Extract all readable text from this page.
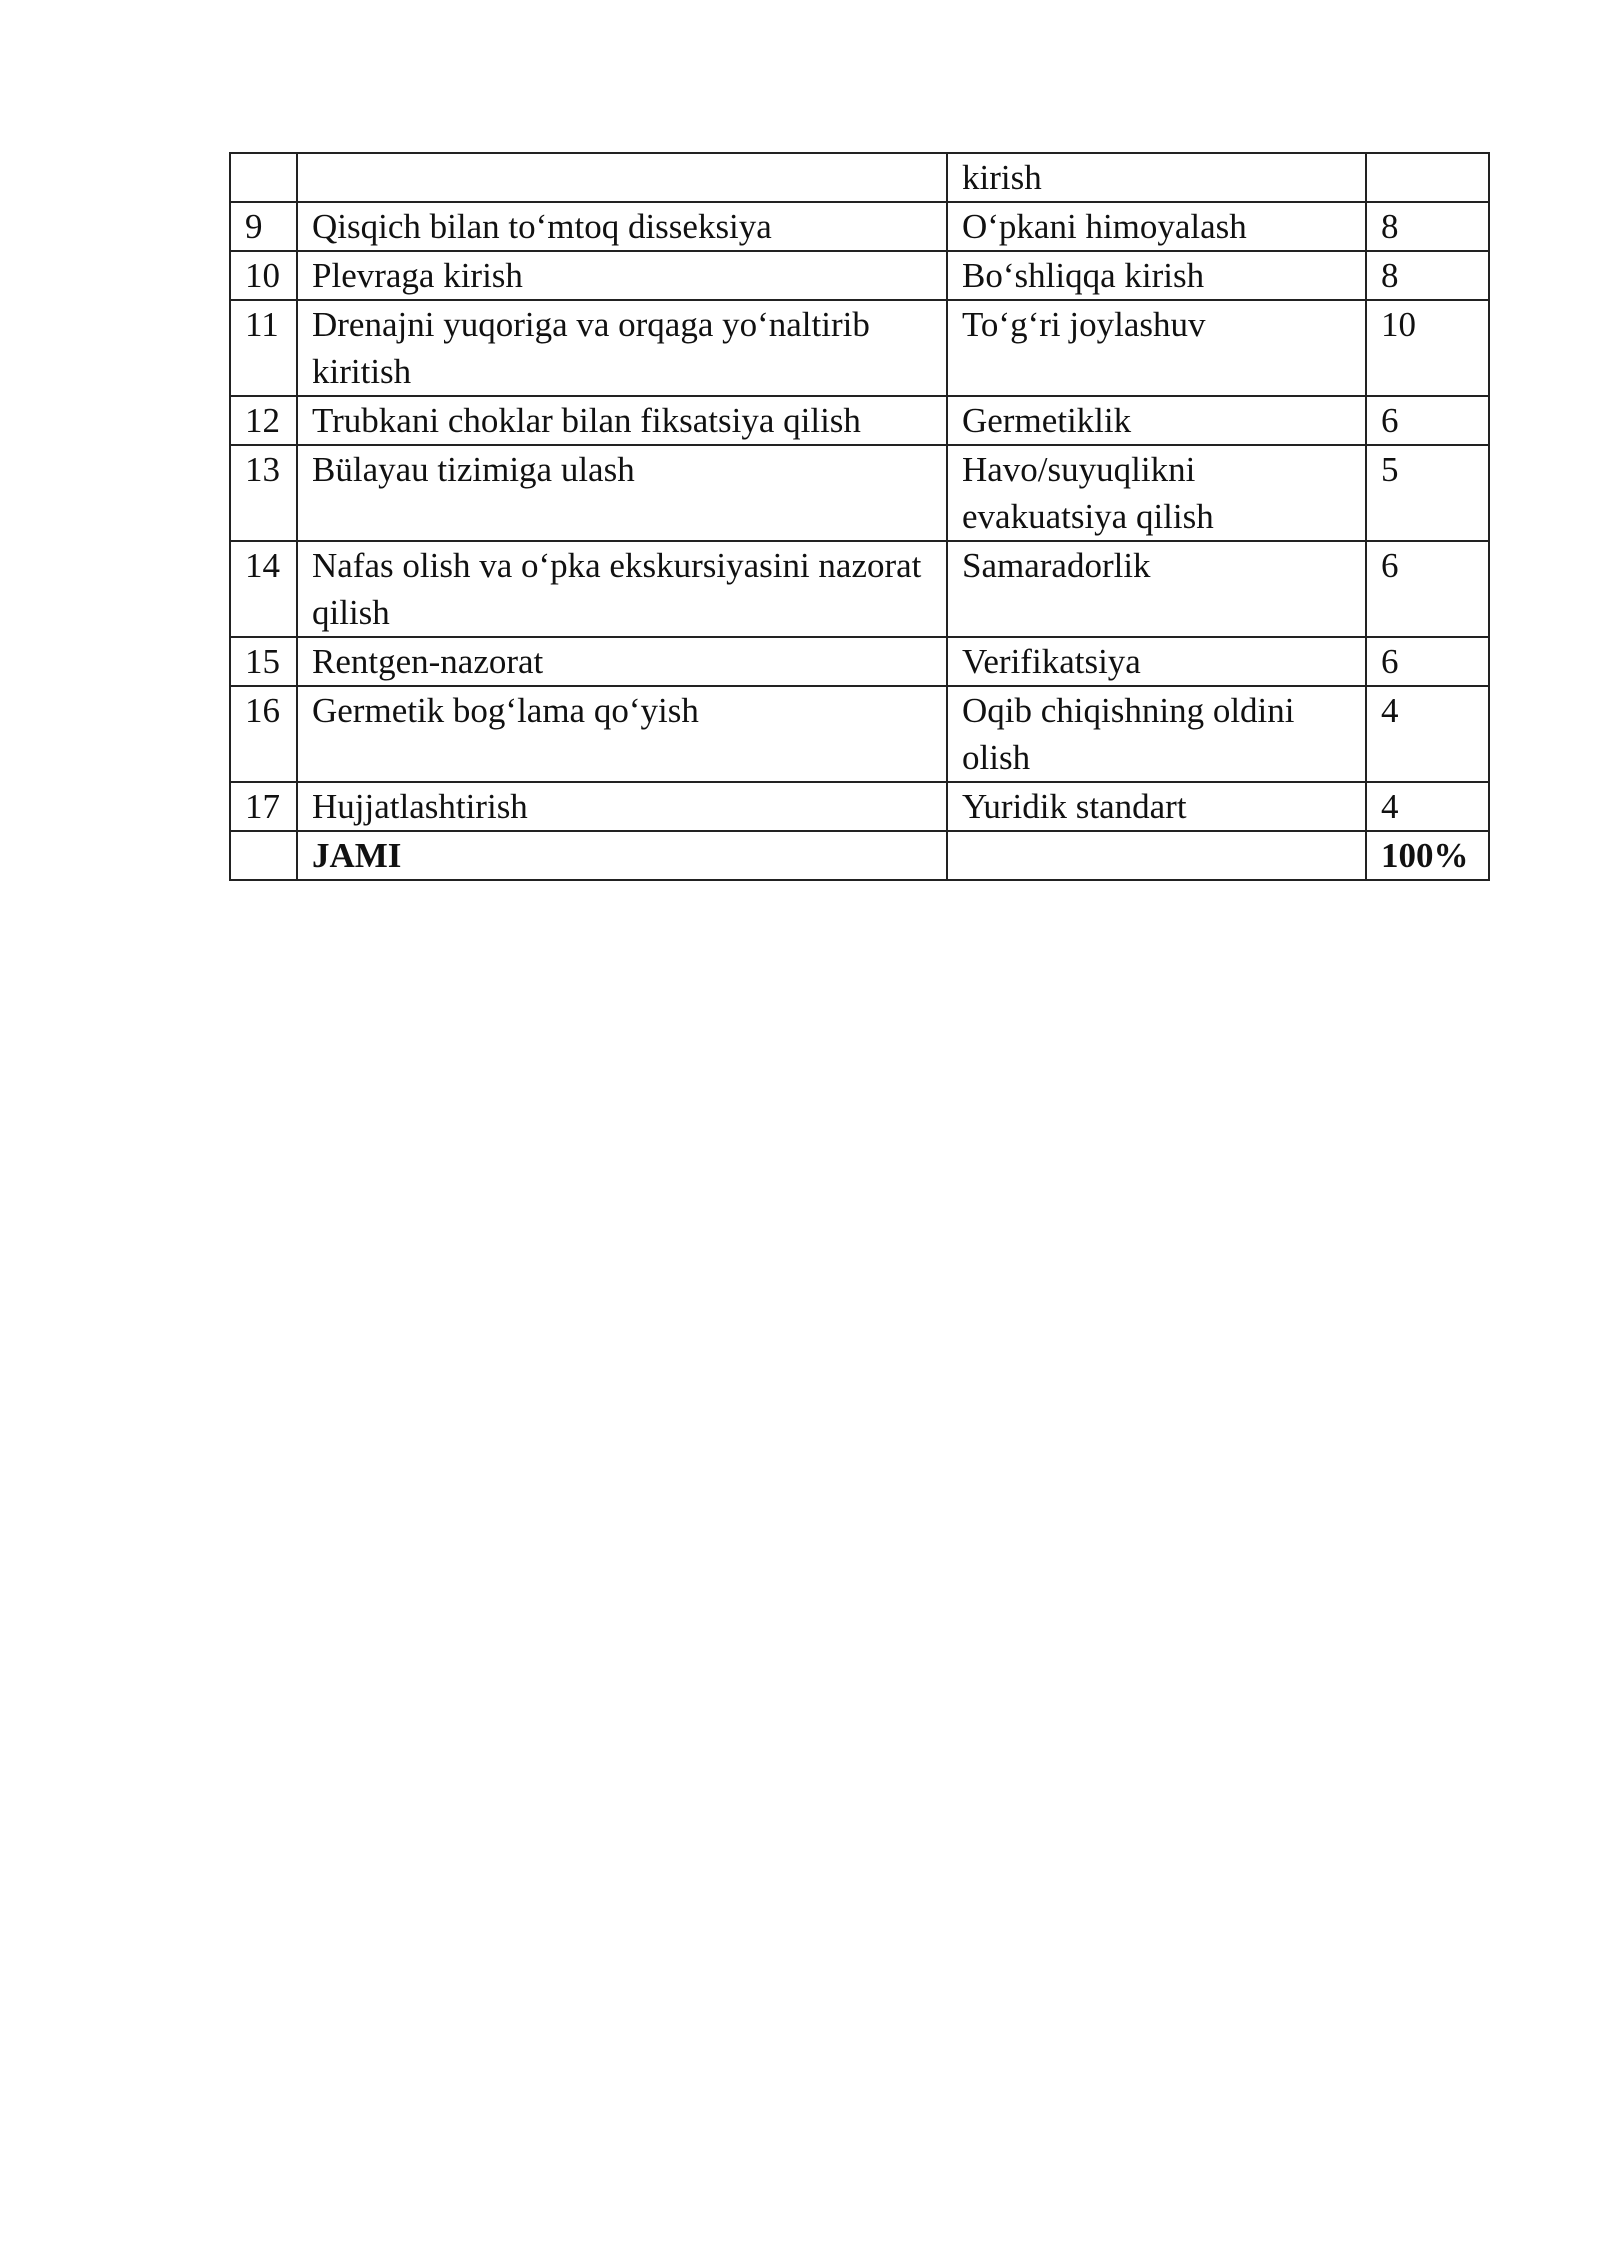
		kirish	
9	Qisqich bilan to‘mtoq disseksiya	O‘pkani himoyalash	8
10	Plevraga kirish	Bo‘shliqqa kirish	8
11	Drenajni yuqoriga va orqaga yo‘naltirib kiritish	To‘g‘ri joylashuv	10
12	Trubkani choklar bilan fiksatsiya qilish	Germetiklik	6
13	Bülayau tizimiga ulash	Havo/suyuqlikni evakuatsiya qilish	5
14	Nafas olish va o‘pka ekskursiyasini nazorat qilish	Samaradorlik	6
15	Rentgen-nazorat	Verifikatsiya	6
16	Germetik bog‘lama qo‘yish	Oqib chiqishning oldini olish	4
17	Hujjatlashtirish	Yuridik standart	4
	JAMI		100%
